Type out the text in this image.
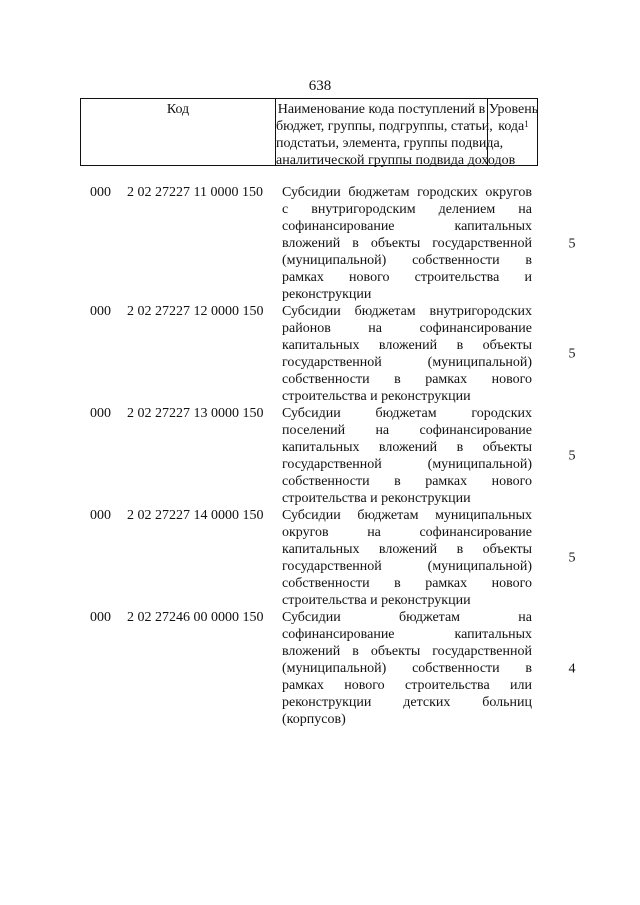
638
Код	Наименование кода поступлений в
бюджет, группы, подгруппы, статьи,
подстатьи, элемента, группы подвида,
аналитической группы подвида доходов
Уровень
кода$^1$
000 2 02 27227 11 0000 150 Субсидии бюджетам городских округов
с внутригородским делением на
софинансирование капитальных
вложений в объекты государственной
(муниципальной) собственности в
рамках нового строительства и
реконструкции
5
000 2 02 27227 12 0000 150 Субсидии бюджетам внутригородских
районов на софинансирование
капитальных вложений в объекты
государственной (муниципальной)
собственности в рамках нового
строительства и реконструкции
5
000 2 02 27227 13 0000 150 Субсидии бюджетам городских
поселений на софинансирование
капитальных вложений в объекты
государственной (муниципальной)
собственности в рамках нового
строительства и реконструкции
5
000 2 02 27227 14 0000 150 Субсидии бюджетам муниципальных
округов на софинансирование
капитальных вложений в объекты
государственной (муниципальной)
собственности в рамках нового
строительства и реконструкции
5
000 2 02 27246 00 0000 150 Субсидии бюджетам на
софинансирование капитальных
вложений в объекты государственной
(муниципальной) собственности в
рамках нового строительства или
реконструкции детских больниц
(корпусов)
4
